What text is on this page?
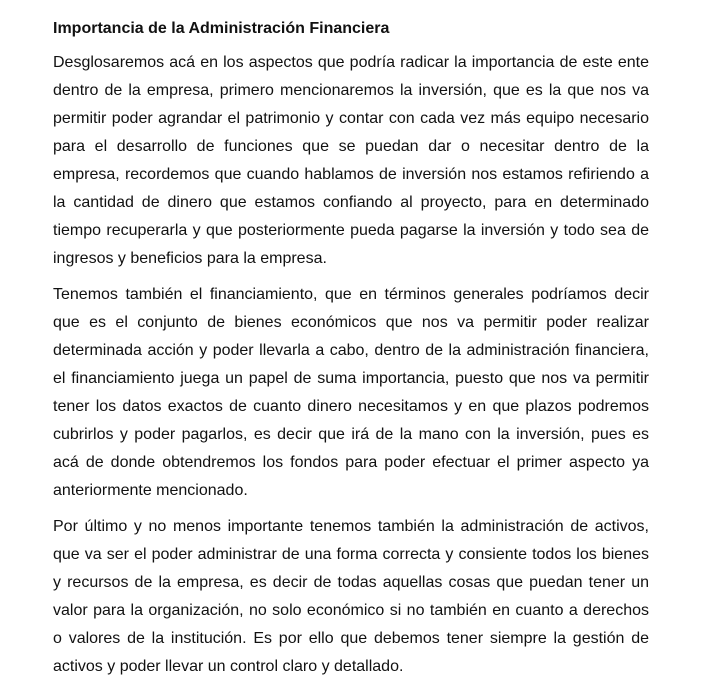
Importancia de la Administración Financiera

Desglosaremos acá en los aspectos que podría radicar la importancia de este ente dentro de la empresa, primero mencionaremos la inversión, que es la que nos va permitir poder agrandar el patrimonio y contar con cada vez más equipo necesario para el desarrollo de funciones que se puedan dar o necesitar dentro de la empresa, recordemos que cuando hablamos de inversión nos estamos refiriendo a la cantidad de dinero que estamos confiando al proyecto, para en determinado tiempo recuperarla y que posteriormente pueda pagarse la inversión y todo sea de ingresos y beneficios para la empresa.

Tenemos también el financiamiento, que en términos generales podríamos decir que es el conjunto de bienes económicos que nos va permitir poder realizar determinada acción y poder llevarla a cabo, dentro de la administración financiera, el financiamiento juega un papel de suma importancia, puesto que nos va permitir tener los datos exactos de cuanto dinero necesitamos y en que plazos podremos cubrirlos y poder pagarlos, es decir que irá de la mano con la inversión, pues es acá de donde obtendremos los fondos para poder efectuar el primer aspecto ya anteriormente mencionado.

Por último y no menos importante tenemos también la administración de activos, que va ser el poder administrar de una forma correcta y consiente todos los bienes y recursos de la empresa, es decir de todas aquellas cosas que puedan tener un valor para la organización, no solo económico si no también en cuanto a derechos o valores de la institución. Es por ello que debemos tener siempre la gestión de activos y poder llevar un control claro y detallado.
